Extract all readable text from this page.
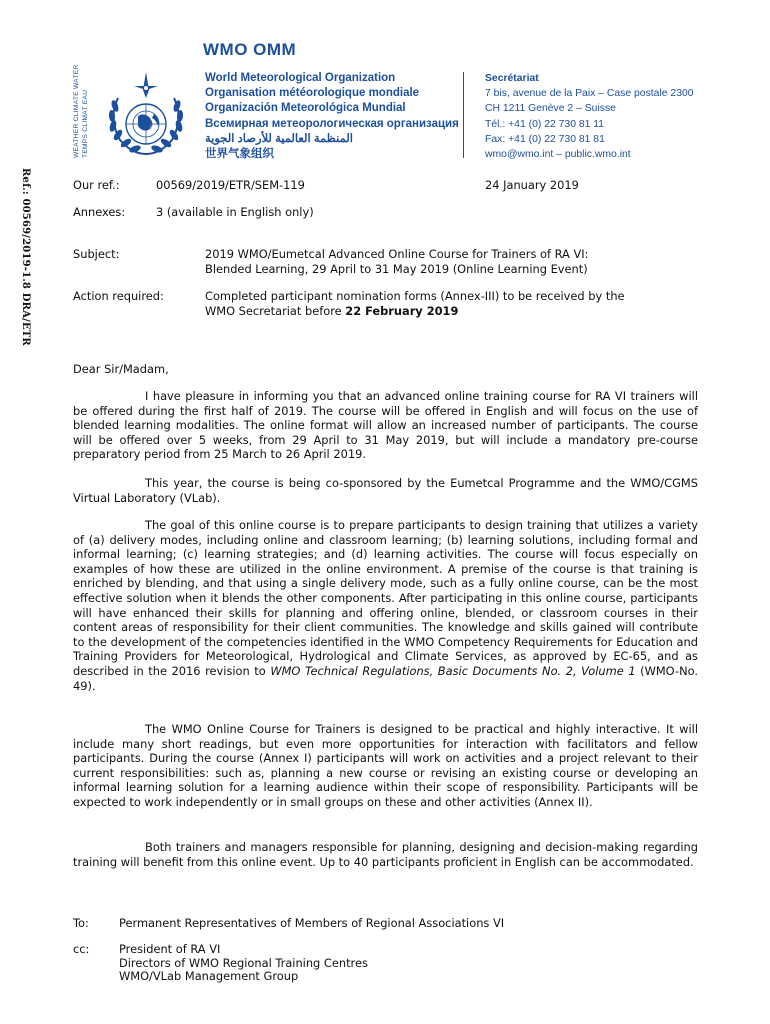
Ref.: 00569/2019-1.8 DRA/ETR
WEATHER CLIMATE WATER TEMPS CLIMAT EAU
WMO OMM
World Meteorological Organization
Organisation météorologique mondiale
Organización Meteorológica Mundial
Всемирная метеорологическая организация
المنظمة العالمية للأرصاد الجوية
世界气象组织
Secrétariat
7 bis, avenue de la Paix – Case postale 2300
CH 1211 Genève 2 – Suisse
Tél.: +41 (0) 22 730 81 11
Fax: +41 (0) 22 730 81 81
wmo@wmo.int – public.wmo.int
Our ref.:	00569/2019/ETR/SEM-119	24 January 2019
Annexes:	3 (available in English only)
Subject:	2019 WMO/Eumetcal Advanced Online Course for Trainers of RA VI:
Blended Learning, 29 April to 31 May 2019 (Online Learning Event)
Action required:	Completed participant nomination forms (Annex-III) to be received by the
WMO Secretariat before 22 February 2019
Dear Sir/Madam,
I have pleasure in informing you that an advanced online training course for RA VI trainers will be offered during the first half of 2019. The course will be offered in English and will focus on the use of blended learning modalities. The online format will allow an increased number of participants. The course will be offered over 5 weeks, from 29 April to 31 May 2019, but will include a mandatory pre-course preparatory period from 25 March to 26 April 2019.
This year, the course is being co-sponsored by the Eumetcal Programme and the WMO/CGMS Virtual Laboratory (VLab).
The goal of this online course is to prepare participants to design training that utilizes a variety of (a) delivery modes, including online and classroom learning; (b) learning solutions, including formal and informal learning; (c) learning strategies; and (d) learning activities. The course will focus especially on examples of how these are utilized in the online environment. A premise of the course is that training is enriched by blending, and that using a single delivery mode, such as a fully online course, can be the most effective solution when it blends the other components. After participating in this online course, participants will have enhanced their skills for planning and offering online, blended, or classroom courses in their content areas of responsibility for their client communities. The knowledge and skills gained will contribute to the development of the competencies identified in the WMO Competency Requirements for Education and Training Providers for Meteorological, Hydrological and Climate Services, as approved by EC-65, and as described in the 2016 revision to WMO Technical Regulations, Basic Documents No. 2, Volume 1 (WMO-No. 49).
The WMO Online Course for Trainers is designed to be practical and highly interactive. It will include many short readings, but even more opportunities for interaction with facilitators and fellow participants. During the course (Annex I) participants will work on activities and a project relevant to their current responsibilities: such as, planning a new course or revising an existing course or developing an informal learning solution for a learning audience within their scope of responsibility. Participants will be expected to work independently or in small groups on these and other activities (Annex II).
Both trainers and managers responsible for planning, designing and decision-making regarding training will benefit from this online event. Up to 40 participants proficient in English can be accommodated.
To:	Permanent Representatives of Members of Regional Associations VI
cc:	President of RA VI
Directors of WMO Regional Training Centres
WMO/VLab Management Group
